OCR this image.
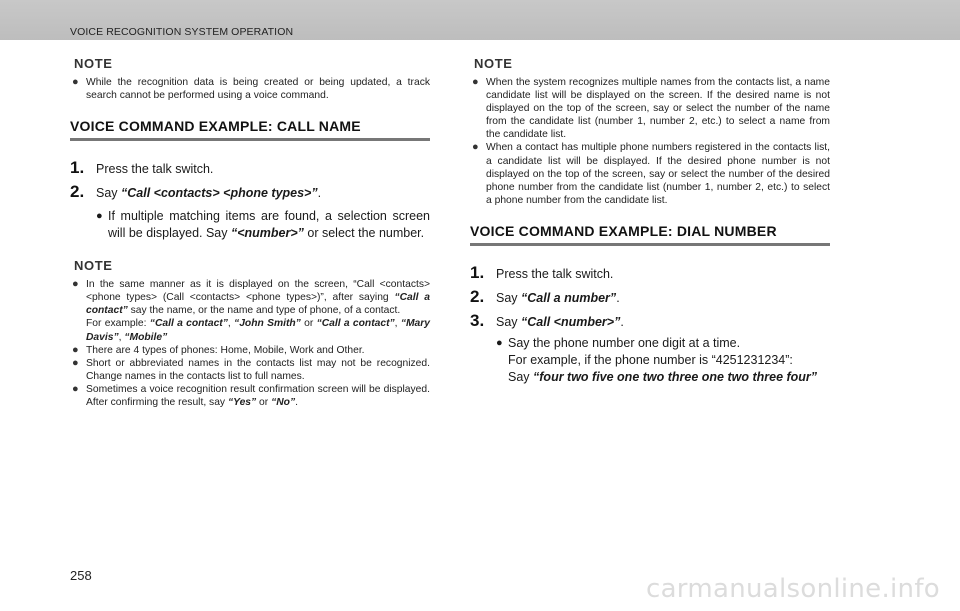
VOICE RECOGNITION SYSTEM OPERATION
NOTE
● While the recognition data is being created or being updated, a track search cannot be performed using a voice command.
VOICE COMMAND EXAMPLE: CALL NAME
1. Press the talk switch.
2. Say “Call <contacts> <phone types>”.
● If multiple matching items are found, a selection screen will be displayed. Say “<number>” or select the number.
NOTE
● In the same manner as it is displayed on the screen, “Call <contacts> <phone types> (Call <contacts> <phone types>)”, after saying “Call a contact” say the name, or the name and type of phone, of a contact.
For example: “Call a contact”, “John Smith” or “Call a contact”, “Mary Davis”, “Mobile”
● There are 4 types of phones: Home, Mobile, Work and Other.
● Short or abbreviated names in the contacts list may not be recognized. Change names in the contacts list to full names.
● Sometimes a voice recognition result confirmation screen will be displayed. After confirming the result, say “Yes” or “No”.
NOTE
● When the system recognizes multiple names from the contacts list, a name candidate list will be displayed on the screen. If the desired name is not displayed on the top of the screen, say or select the number of the name from the candidate list (number 1, number 2, etc.) to select a name from the candidate list.
● When a contact has multiple phone numbers registered in the contacts list, a candidate list will be displayed. If the desired phone number is not displayed on the top of the screen, say or select the number of the desired phone number from the candidate list (number 1, number 2, etc.) to select a phone number from the candidate list.
VOICE COMMAND EXAMPLE: DIAL NUMBER
1. Press the talk switch.
2. Say “Call a number”.
3. Say “Call <number>”.
● Say the phone number one digit at a time.
For example, if the phone number is “4251231234”:
Say “four two five one two three one two three four”
258	carmanualsonline.info
